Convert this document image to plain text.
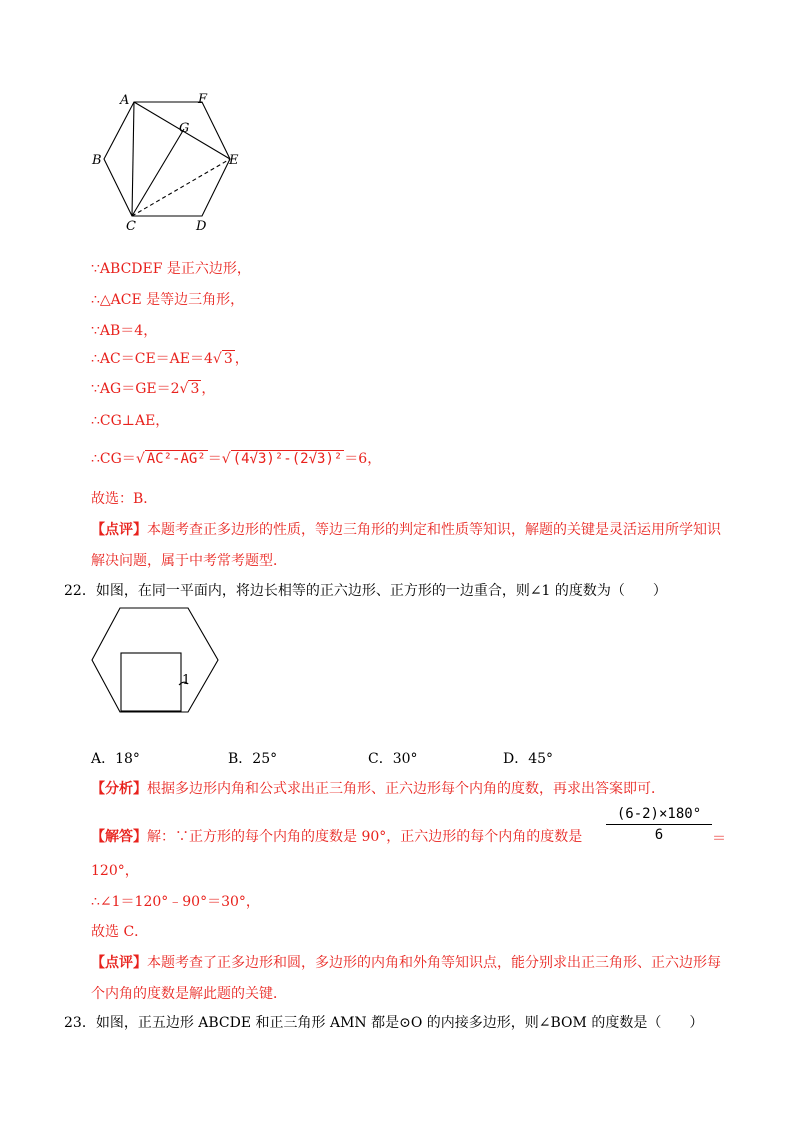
A	F
G
B	E
C	D
∵ABCDEF 是正六边形，
∴△ACE 是等边三角形，
∵AB＝4，
∴AC＝CE＝AE＝4√ 3 ，
∵AG＝GE＝2√ 3 ，
∴CG⊥AE，
∴CG＝√ AC²-AG² ＝√ (4√3)²-(2√3)² ＝6，
故选：B．
【点评】本题考查正多边形的性质，等边三角形的判定和性质等知识，解题的关键是灵活运用所学知识
解决问题，属于中考常考题型．
22．如图，在同一平面内，将边长相等的正六边形、正方形的一边重合，则∠1 的度数为（　　）
1
A．18°	B．25°	C．30°	D．45°
【分析】根据多边形内角和公式求出正三角形、正六边形每个内角的度数，再求出答案即可．
【解答】解：∵正方形的每个内角的度数是 90°，正六边形的每个内角的度数是 $\frac{(6-2)\times 180^\circ}{6}$ ＝
120°，
∴∠1＝120°﹣90°＝30°，
故选 C．
【点评】本题考查了正多边形和圆，多边形的内角和外角等知识点，能分别求出正三角形、正六边形每
个内角的度数是解此题的关键．
23．如图，正五边形 ABCDE 和正三角形 AMN 都是⊙O 的内接多边形，则∠BOM 的度数是（　　）
